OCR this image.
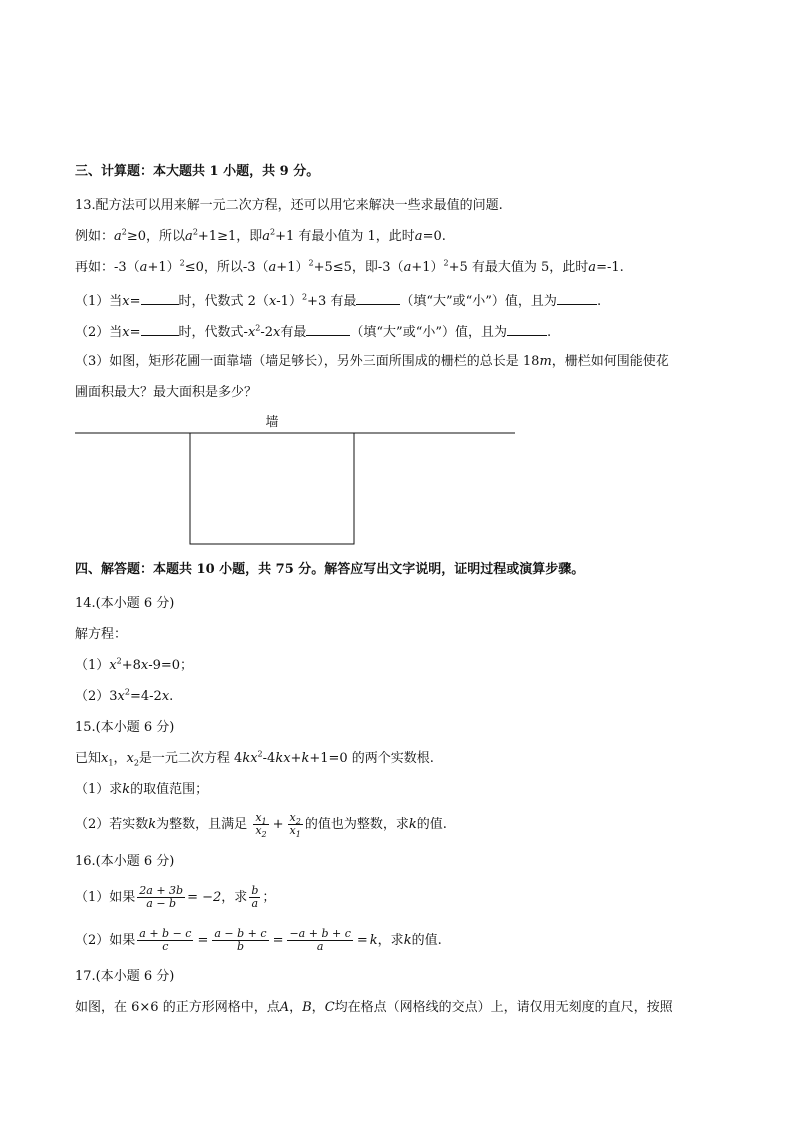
三、计算题：本大题共 1 小题，共 9 分。
13.配方法可以用来解一元二次方程，还可以用它来解决一些求最值的问题.
例如：$a^2\ge 0$，所以$a^2+1\ge 1$，即$a^2+1$ 有最小值为 1，此时a=0.
再如：$-3(a+1)^2\le 0$，所以$-3(a+1)^2+5\le 5$，即$-3(a+1)^2+5$ 有最大值为 5，此时a=-1.
（1）当x=	时，代数式 $2(x-1)^2+3$ 有最	（填“大”或“小”）值，且为	.
（2）当x=	时，代数式$-x^2-2x$有最	（填“大”或“小”）值，且为	.
（3）如图，矩形花圃一面靠墙（墙足够长），另外三面所围成的栅栏的总长是 18m，栅栏如何围能使花
圃面积最大？最大面积是多少？
墙
四、解答题：本题共 10 小题，共 75 分。解答应写出文字说明，证明过程或演算步骤。
14.(本小题 6 分)
解方程：
$(1)x^2+8x-9=0$；
$(2)3x^2=4-2x$.
15.(本小题 6 分)
已知$x_1$，$x_2$是一元二次方程 $4kx^2-4kx+k+1=0$ 的两个实数根.
（1）求k的取值范围；
（2）若实数k为整数，且满足 $\frac{x_1}{x_2} + \frac{x_2}{x_1}$ 的值也为整数，求k的值.
16.(本小题 6 分)
（1）如果 $\frac{2a + 3b}{a - b} = -2$，求 $\frac{b}{a}$ ；
（2）如果 $\frac{a + b - c}{c} = \frac{a - b + c}{b} = \frac{-a + b + c}{a} = k$，求k的值.
17.(本小题 6 分)
如图，在 6×6 的正方形网格中，点A，B，C均在格点（网格线的交点）上，请仅用无刻度的直尺，按照
